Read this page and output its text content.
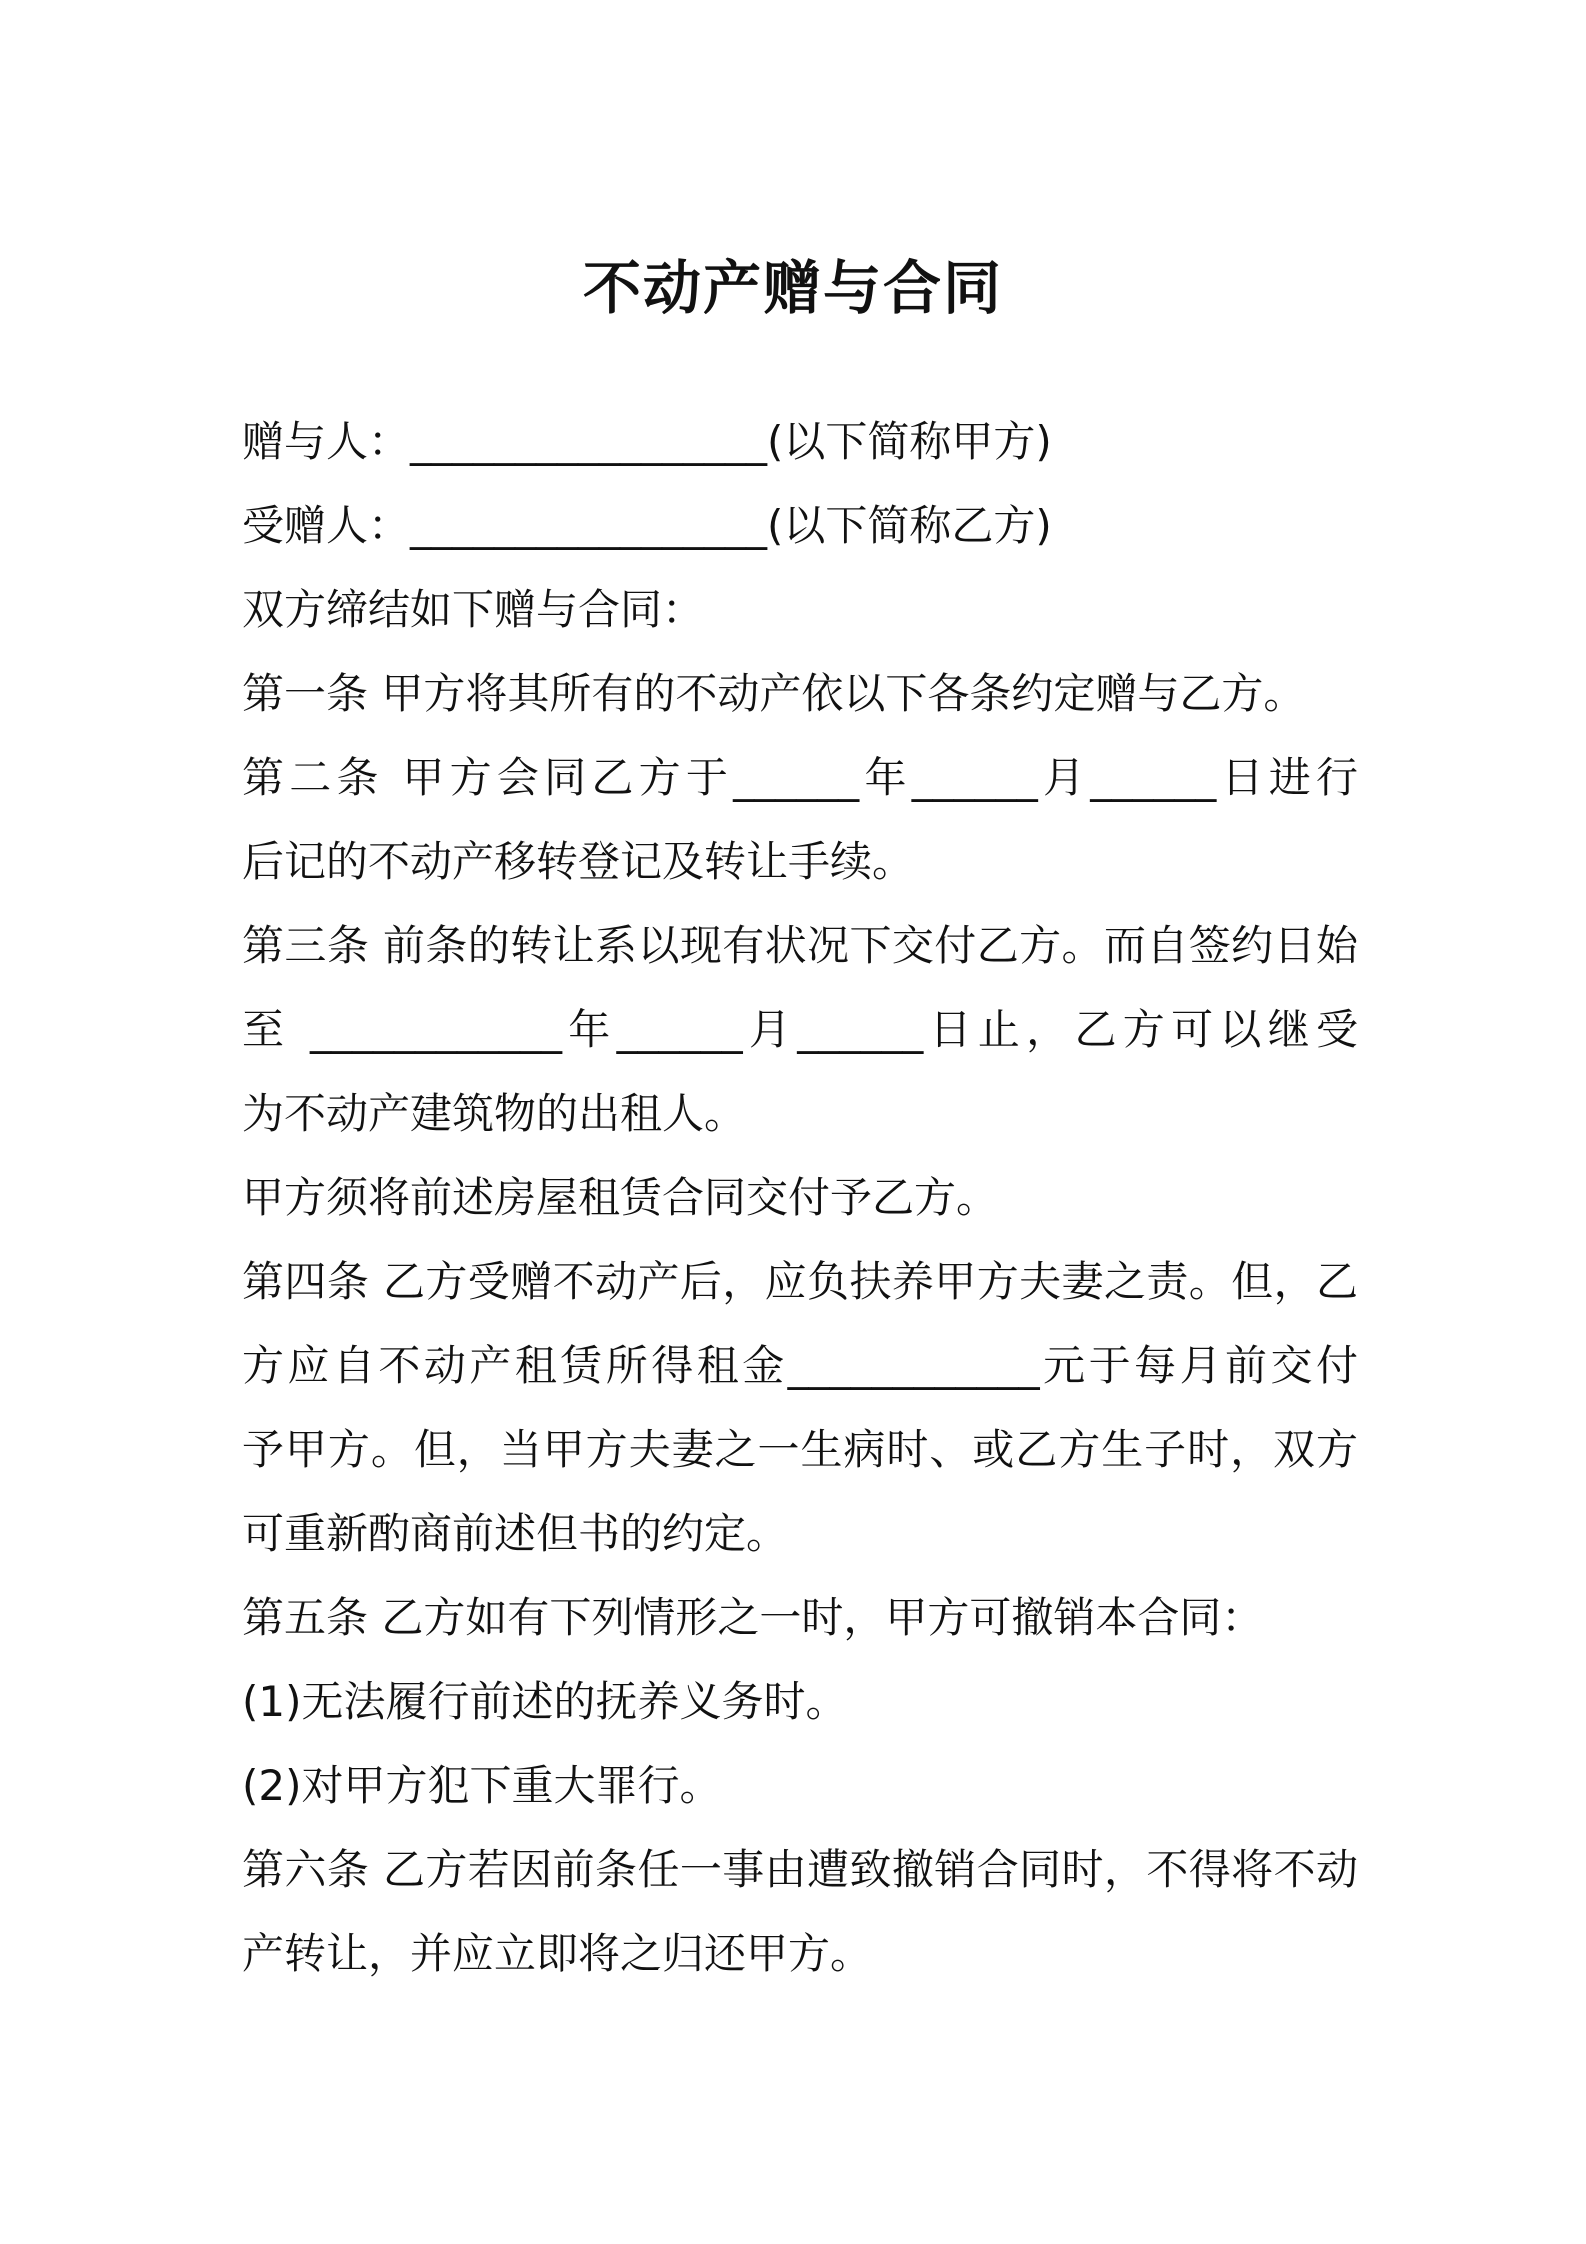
不动产赠与合同
赠与人：_________________(以下简称甲方)
受赠人：_________________(以下简称乙方)
双方缔结如下赠与合同：
第一条 甲方将其所有的不动产依以下各条约定赠与乙方。
第二条 甲方会同乙方于______年______月______日进行
后记的不动产移转登记及转让手续。
第三条 前条的转让系以现有状况下交付乙方。而自签约日始
至 ____________年______月______日止，乙方可以继受
为不动产建筑物的出租人。
甲方须将前述房屋租赁合同交付予乙方。
第四条 乙方受赠不动产后，应负扶养甲方夫妻之责。但，乙
方应自不动产租赁所得租金____________元于每月前交付
予甲方。但，当甲方夫妻之一生病时、或乙方生子时，双方
可重新酌商前述但书的约定。
第五条 乙方如有下列情形之一时，甲方可撤销本合同：
(1)无法履行前述的抚养义务时。
(2)对甲方犯下重大罪行。
第六条 乙方若因前条任一事由遭致撤销合同时，不得将不动
产转让，并应立即将之归还甲方。
